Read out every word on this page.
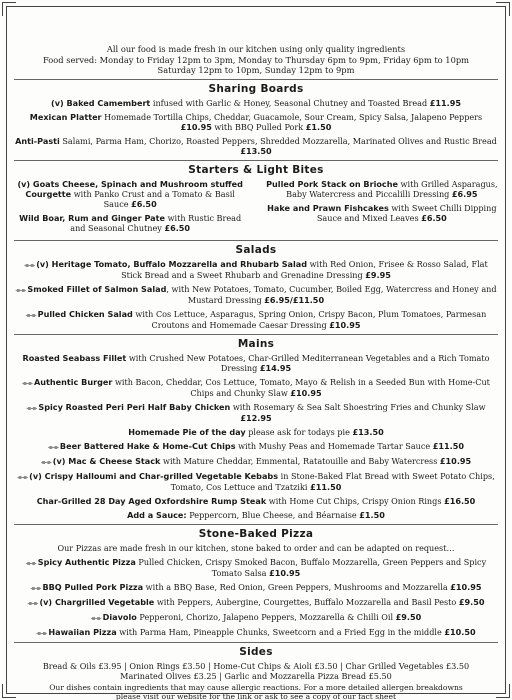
All our food is made fresh in our kitchen using only quality ingredients
Food served: Monday to Friday 12pm to 3pm, Monday to Thursday 6pm to 9pm, Friday 6pm to 10pm
Saturday 12pm to 10pm, Sunday 12pm to 9pm
Sharing Boards
(v) Baked Camembert infused with Garlic & Honey, Seasonal Chutney and Toasted Bread £11.95
Mexican Platter Homemade Tortilla Chips, Cheddar, Guacamole, Sour Cream, Spicy Salsa, Jalapeno Peppers £10.95 with BBQ Pulled Pork £1.50
Anti-Pasti Salami, Parma Ham, Chorizo, Roasted Peppers, Shredded Mozzarella, Marinated Olives and Rustic Bread £13.50
Starters & Light Bites
(v) Goats Cheese, Spinach and Mushroom stuffed Courgette with Panko Crust and a Tomato & Basil Sauce £6.50
Wild Boar, Rum and Ginger Pate with Rustic Bread and Seasonal Chutney £6.50
Pulled Pork Stack on Brioche with Grilled Asparagus, Baby Watercress and Piccalilli Dressing £6.95
Hake and Prawn Fishcakes with Sweet Chilli Dipping Sauce and Mixed Leaves £6.50
Salads
⌯⌯ (v) Heritage Tomato, Buffalo Mozzarella and Rhubarb Salad with Red Onion, Frisee & Rosso Salad, Flat Stick Bread and a Sweet Rhubarb and Grenadine Dressing £9.95
⌯⌯ Smoked Fillet of Salmon Salad, with New Potatoes, Tomato, Cucumber, Boiled Egg, Watercress and Honey and Mustard Dressing £6.95/£11.50
⌯⌯ Pulled Chicken Salad with Cos Lettuce, Asparagus, Spring Onion, Crispy Bacon, Plum Tomatoes, Parmesan Croutons and Homemade Caesar Dressing £10.95
Mains
Roasted Seabass Fillet with Crushed New Potatoes, Char-Grilled Mediterranean Vegetables and a Rich Tomato Dressing £14.95
⌯⌯ Authentic Burger with Bacon, Cheddar, Cos Lettuce, Tomato, Mayo & Relish in a Seeded Bun with Home-Cut Chips and Chunky Slaw £10.95
⌯⌯ Spicy Roasted Peri Peri Half Baby Chicken with Rosemary & Sea Salt Shoestring Fries and Chunky Slaw £12.95
Homemade Pie of the day please ask for todays pie £13.50
⌯⌯ Beer Battered Hake & Home-Cut Chips with Mushy Peas and Homemade Tartar Sauce £11.50
⌯⌯ (v) Mac & Cheese Stack with Mature Cheddar, Emmental, Ratatouille and Baby Watercress £10.95
⌯⌯ (v) Crispy Halloumi and Char-grilled Vegetable Kebabs in Stone-Baked Flat Bread with Sweet Potato Chips, Tomato, Cos Lettuce and Tzatziki £11.50
Char-Grilled 28 Day Aged Oxfordshire Rump Steak with Home Cut Chips, Crispy Onion Rings £16.50
Add a Sauce: Peppercorn, Blue Cheese, and Béarnaise £1.50
Stone-Baked Pizza
Our Pizzas are made fresh in our kitchen, stone baked to order and can be adapted on request…
⌯⌯ Spicy Authentic Pizza Pulled Chicken, Crispy Smoked Bacon, Buffalo Mozzarella, Green Peppers and Spicy Tomato Salsa £10.95
⌯⌯ BBQ Pulled Pork Pizza with a BBQ Base, Red Onion, Green Peppers, Mushrooms and Mozzarella £10.95
⌯⌯ (v) Chargrilled Vegetable with Peppers, Aubergine, Courgettes, Buffalo Mozzarella and Basil Pesto £9.50
⌯⌯ Diavolo Pepperoni, Chorizo, Jalapeno Peppers, Mozzarella & Chilli Oil £9.50
⌯⌯ Hawaiian Pizza with Parma Ham, Pineapple Chunks, Sweetcorn and a Fried Egg in the middle £10.50
Sides
Bread & Oils £3.95 | Onion Rings £3.50 | Home-Cut Chips & Aioli £3.50 | Char Grilled Vegetables £3.50
Marinated Olives £3.25 | Garlic and Mozzarella Pizza Bread £5.50
Our dishes contain ingredients that may cause allergic reactions. For a more detailed allergen breakdowns
please visit our website for the link or ask to see a copy of our fact sheet
